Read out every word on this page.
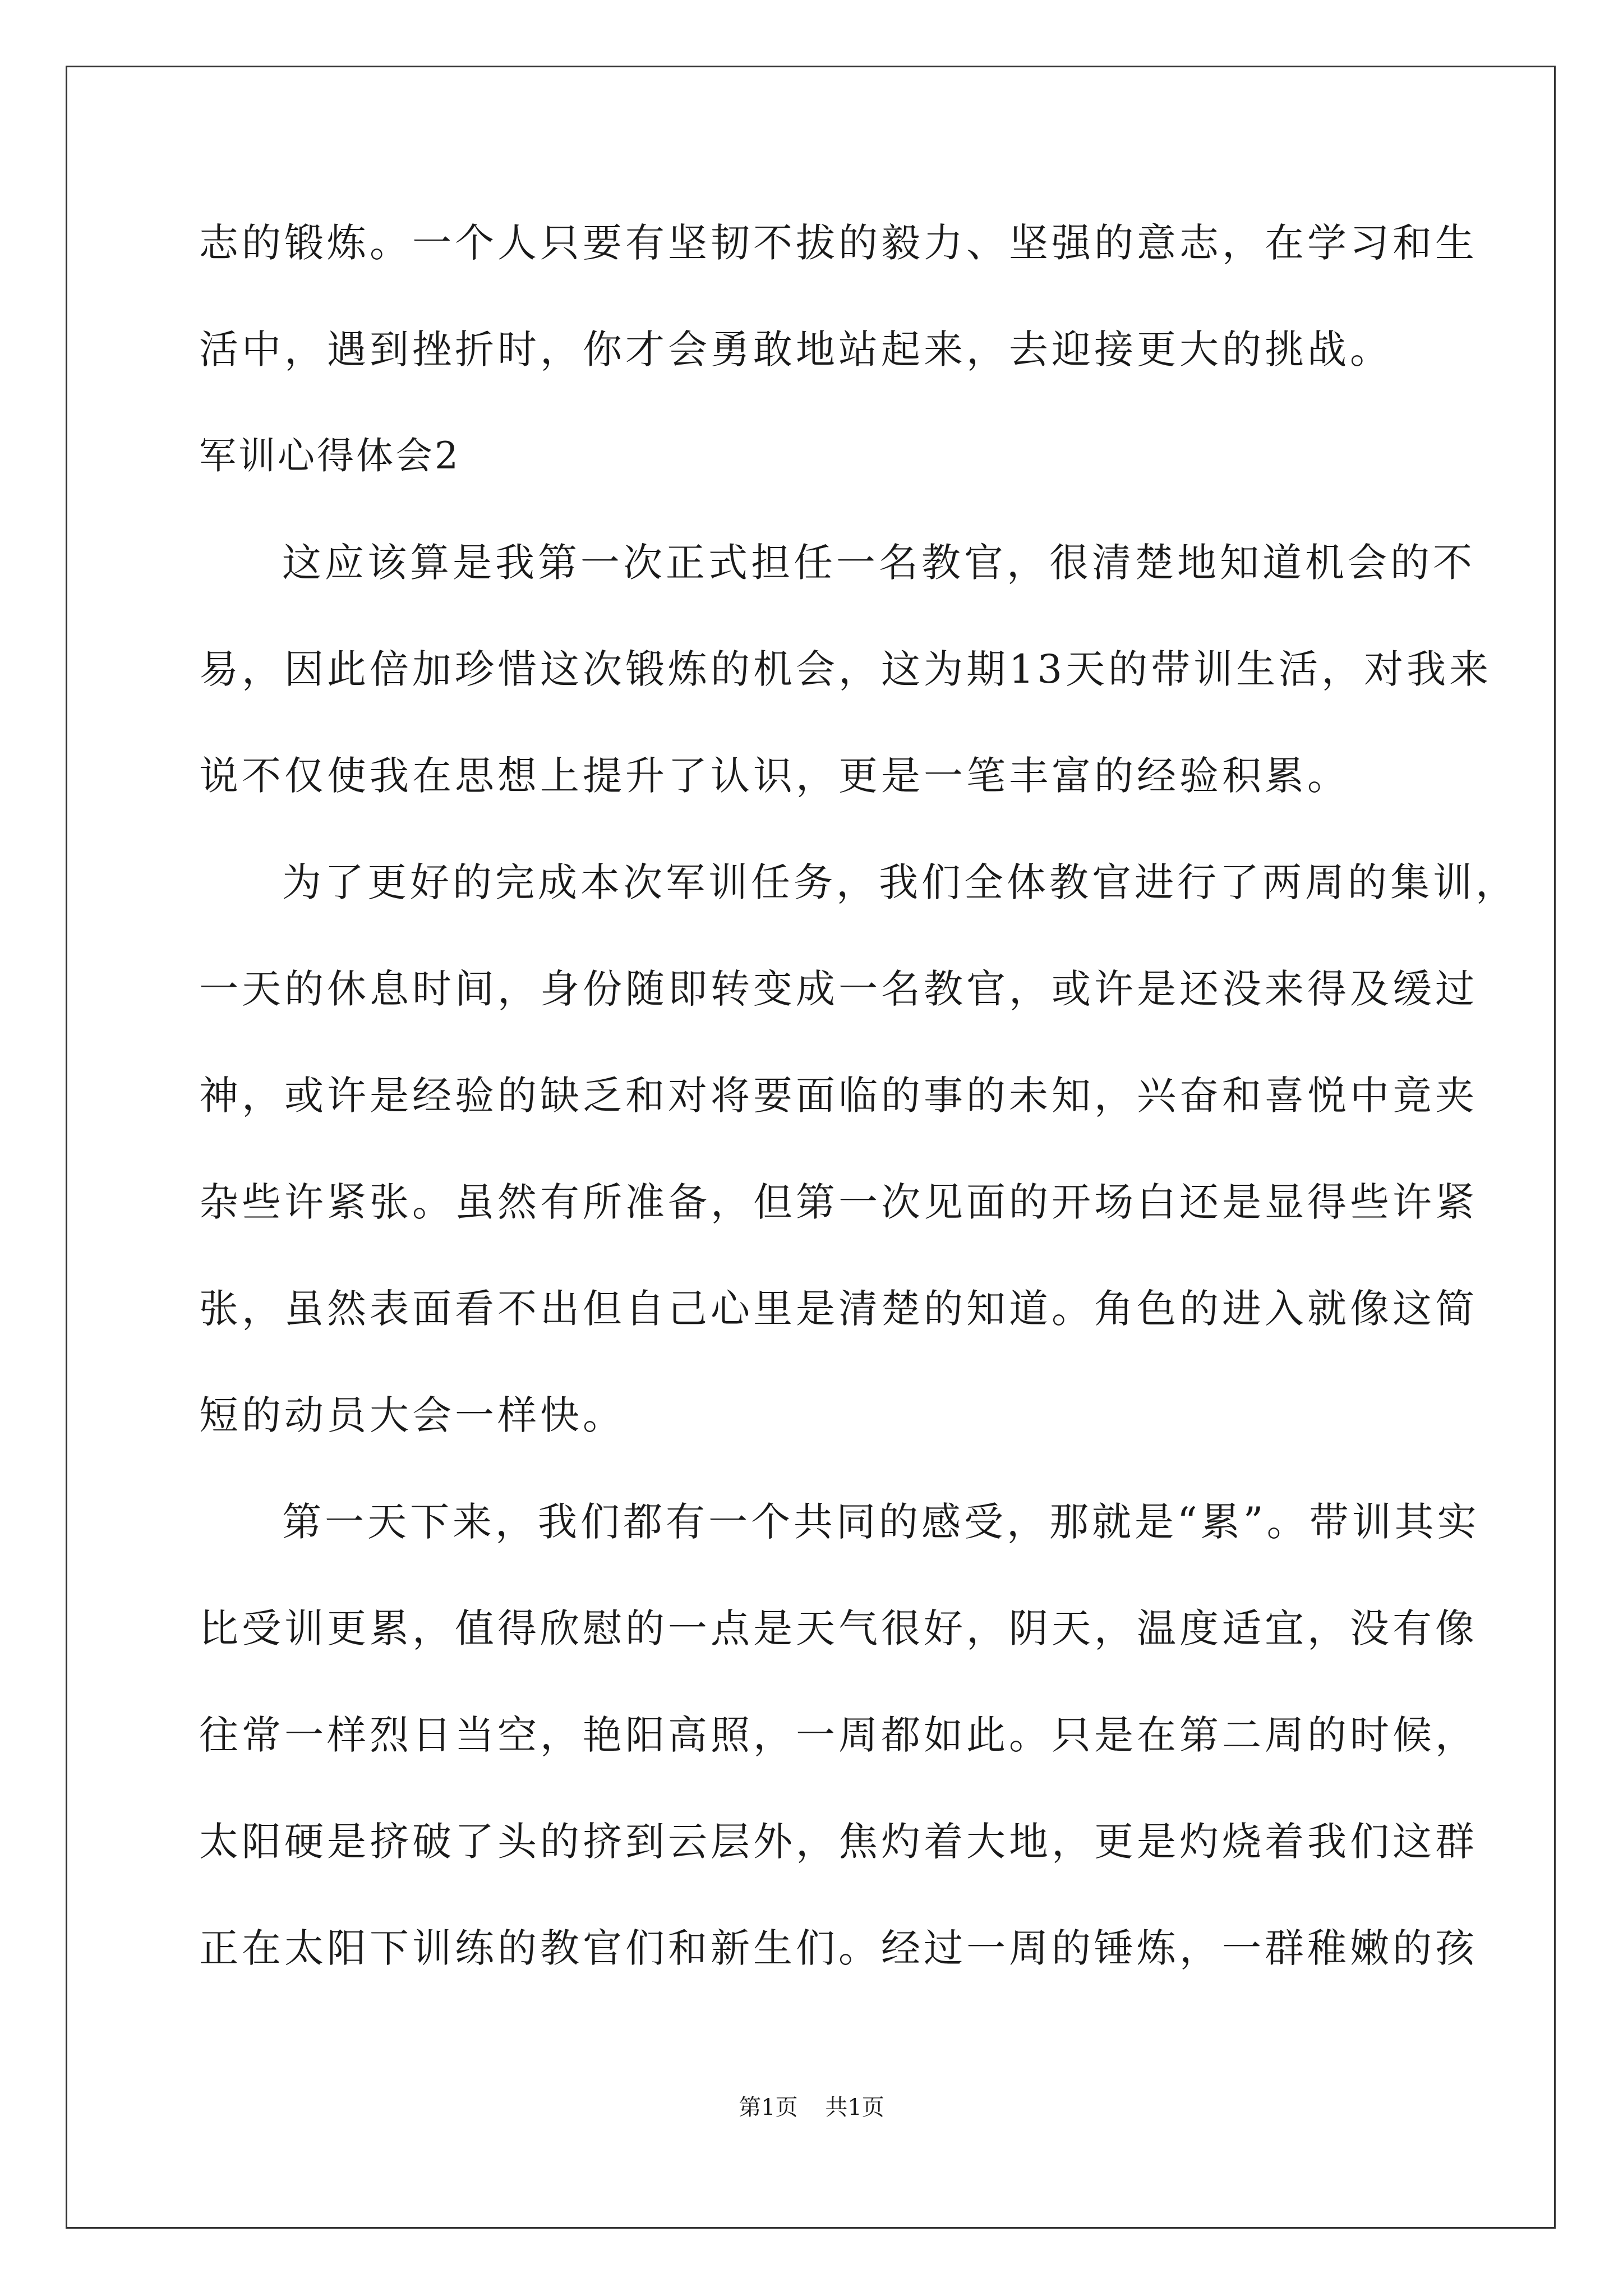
志的锻炼。一个人只要有坚韧不拔的毅力、坚强的意志，在学习和生
活中，遇到挫折时，你才会勇敢地站起来，去迎接更大的挑战。
军训心得体会2
这应该算是我第一次正式担任一名教官，很清楚地知道机会的不
易，因此倍加珍惜这次锻炼的机会，这为期13天的带训生活，对我来
说不仅使我在思想上提升了认识，更是一笔丰富的经验积累。
为了更好的完成本次军训任务，我们全体教官进行了两周的集训，
一天的休息时间，身份随即转变成一名教官，或许是还没来得及缓过
神，或许是经验的缺乏和对将要面临的事的未知，兴奋和喜悦中竟夹
杂些许紧张。虽然有所准备，但第一次见面的开场白还是显得些许紧
张，虽然表面看不出但自己心里是清楚的知道。角色的进入就像这简
短的动员大会一样快。
第一天下来，我们都有一个共同的感受，那就是“累”。带训其实
比受训更累，值得欣慰的一点是天气很好，阴天，温度适宜，没有像
往常一样烈日当空，艳阳高照，一周都如此。只是在第二周的时候，
太阳硬是挤破了头的挤到云层外，焦灼着大地，更是灼烧着我们这群
正在太阳下训练的教官们和新生们。经过一周的锤炼，一群稚嫩的孩
第1页 共1页
